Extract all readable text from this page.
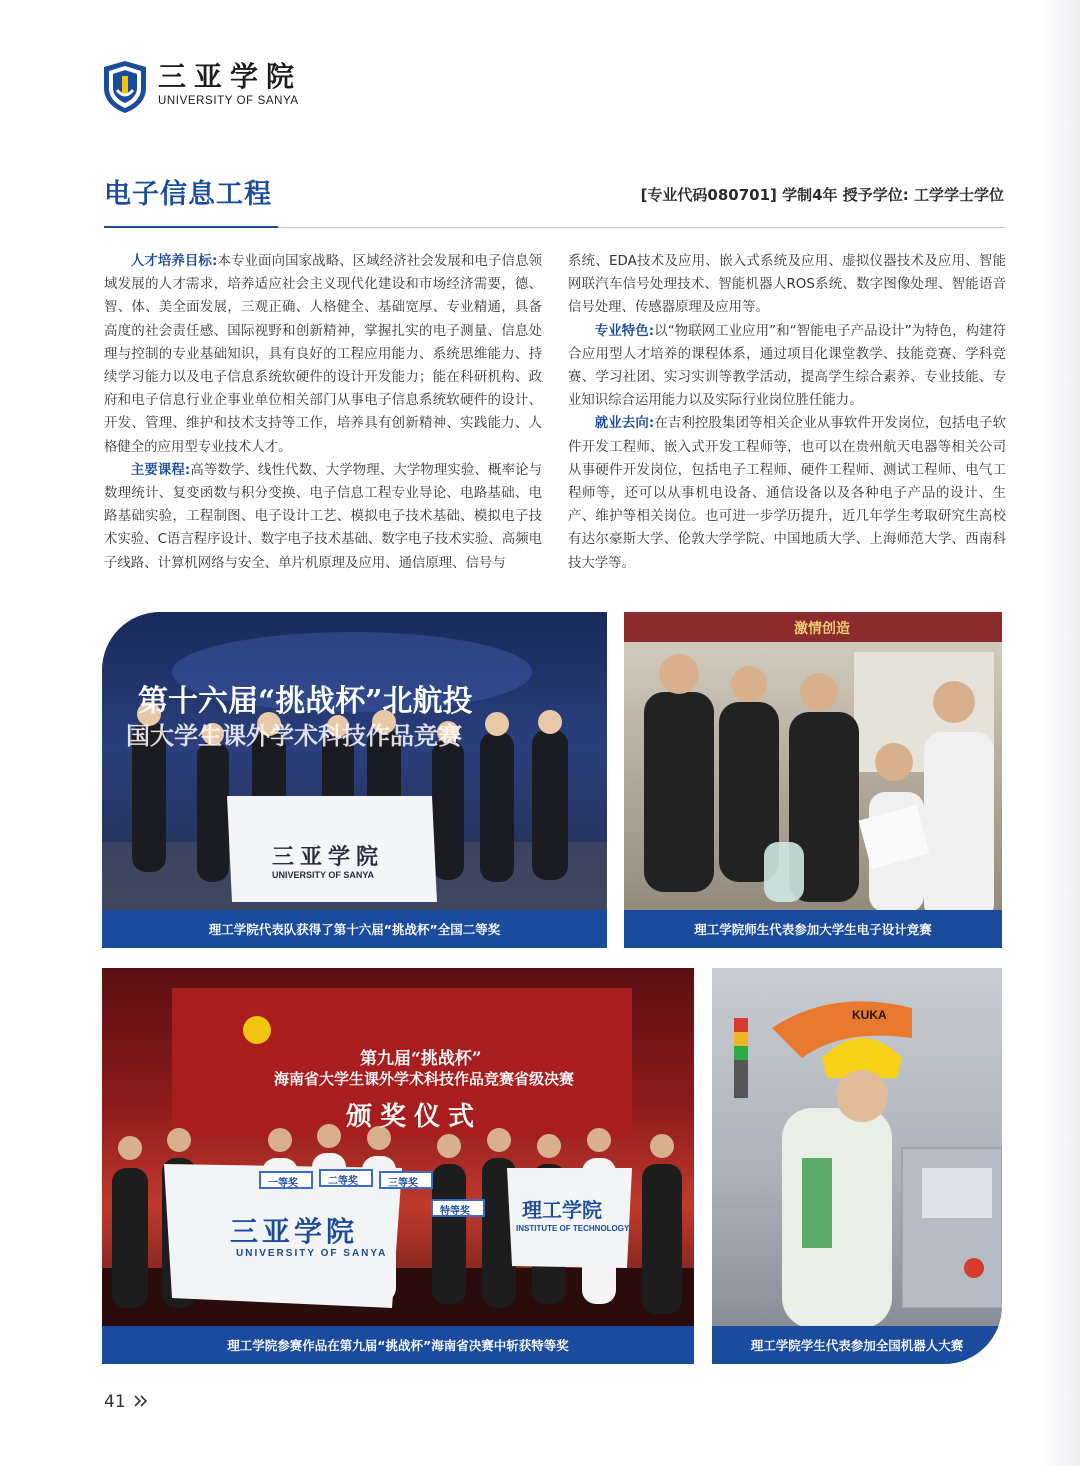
三亚学院
UNIVERSITY OF SANYA
电子信息工程	[专业代码080701] 学制4年 授予学位: 工学学士学位

人才培养目标:本专业面向国家战略、区域经济社会发展和电子信息领域发展的人才需求，培养适应社会主义现代化建设和市场经济需要，德、智、体、美全面发展，三观正确、人格健全、基础宽厚、专业精通，具备高度的社会责任感、国际视野和创新精神，掌握扎实的电子测量、信息处理与控制的专业基础知识，具有良好的工程应用能力、系统思维能力、持续学习能力以及电子信息系统软硬件的设计开发能力；能在科研机构、政府和电子信息行业企事业单位相关部门从事电子信息系统软硬件的设计、开发、管理、维护和技术支持等工作，培养具有创新精神、实践能力、人格健全的应用型专业技术人才。

主要课程:高等数学、线性代数、大学物理、大学物理实验、概率论与数理统计、复变函数与积分变换、电子信息工程专业导论、电路基础、电路基础实验，工程制图、电子设计工艺、模拟电子技术基础、模拟电子技术实验、C语言程序设计、数字电子技术基础、数字电子技术实验、高频电子线路、计算机网络与安全、单片机原理及应用、通信原理、信号与

系统、EDA技术及应用、嵌入式系统及应用、虚拟仪器技术及应用、智能网联汽车信号处理技术、智能机器人ROS系统、数字图像处理、智能语音信号处理、传感器原理及应用等。

专业特色:以“物联网工业应用”和“智能电子产品设计”为特色，构建符合应用型人才培养的课程体系，通过项目化课堂教学、技能竞赛、学科竞赛、学习社团、实习实训等教学活动，提高学生综合素养、专业技能、专业知识综合运用能力以及实际行业岗位胜任能力。

就业去向:在吉利控股集团等相关企业从事软件开发岗位，包括电子软件开发工程师、嵌入式开发工程师等，也可以在贵州航天电器等相关公司从事硬件开发岗位，包括电子工程师、硬件工程师、测试工程师、电气工程师等，还可以从事机电设备、通信设备以及各种电子产品的设计、生产、维护等相关岗位。也可进一步学历提升，近几年学生考取研究生高校有达尔豪斯大学、伦敦大学学院、中国地质大学、上海师范大学、西南科技大学等。

第十六届“挑战杯”北航投
国大学生课外学术科技作品竞赛
三亚学院
UNIVERSITY OF SANYA
理工学院代表队获得了第十六届“挑战杯”全国二等奖
激情创造
理工学院师生代表参加大学生电子设计竞赛
第九届“挑战杯”
海南省大学生课外学术科技作品竞赛省级决赛
颁奖仪式
一等奖	二等奖	三等奖
特等奖
三亚学院
UNIVERSITY OF SANYA
理工学院
INSTITUTE OF TECHNOLOGY
理工学院参赛作品在第九届“挑战杯”海南省决赛中斩获特等奖
KUKA
理工学院学生代表参加全国机器人大赛
41
